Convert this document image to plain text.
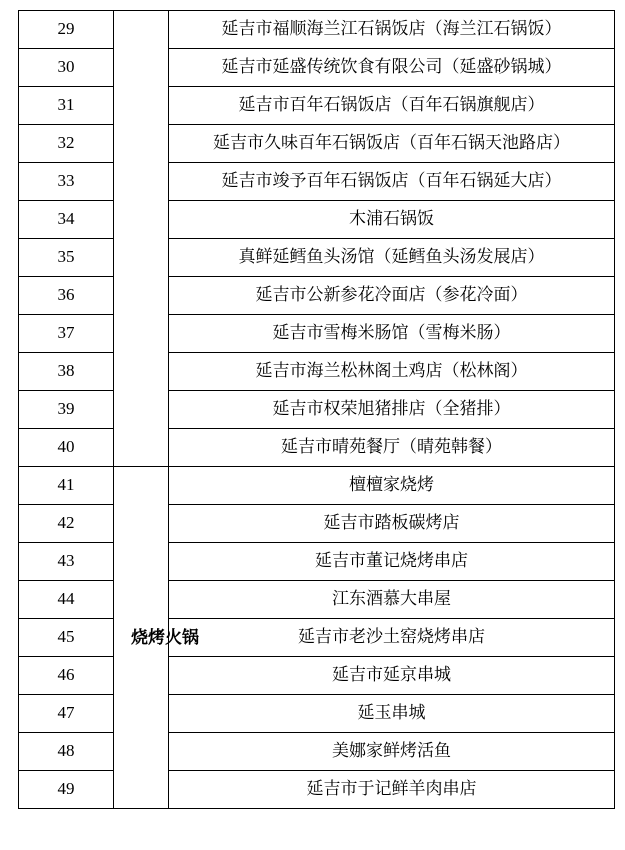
29		延吉市福顺海兰江石锅饭店（海兰江石锅饭）
30		延吉市延盛传统饮食有限公司（延盛砂锅城）
31		延吉市百年石锅饭店（百年石锅旗舰店）
32		延吉市久味百年石锅饭店（百年石锅天池路店）
33		延吉市竣予百年石锅饭店（百年石锅延大店）
34		木浦石锅饭
35		真鲜延鳕鱼头汤馆（延鳕鱼头汤发展店）
36		延吉市公新参花冷面店（参花冷面）
37		延吉市雪梅米肠馆（雪梅米肠）
38		延吉市海兰松林阁土鸡店（松林阁）
39		延吉市权荣旭猪排店（全猪排）
40		延吉市晴苑餐厅（晴苑韩餐）
41	烧烤火锅	檀檀家烧烤
42		延吉市踏板碳烤店
43		延吉市董记烧烤串店
44		江东酒慕大串屋
45		延吉市老沙土窑烧烤串店
46		延吉市延京串城
47		延玉串城
48		美娜家鲜烤活鱼
49		延吉市于记鲜羊肉串店
